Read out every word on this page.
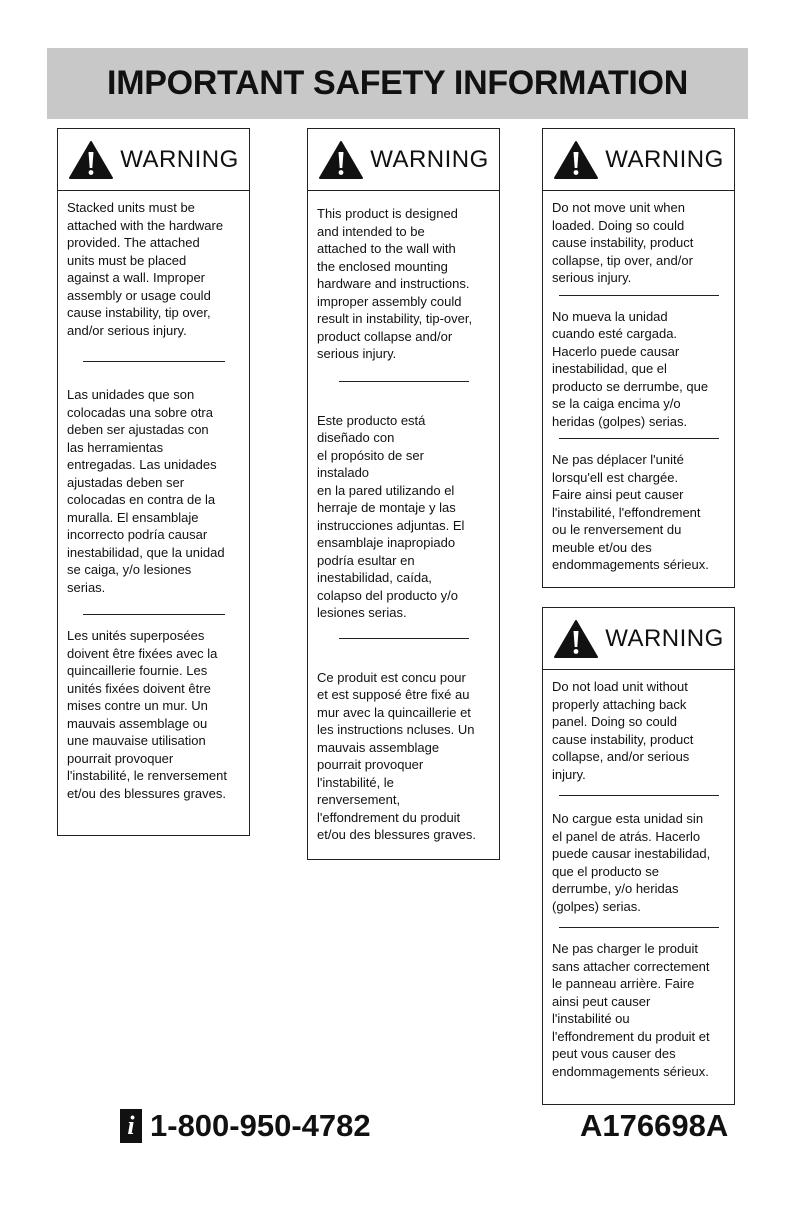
IMPORTANT SAFETY INFORMATION
WARNING

Stacked units must be
attached with the hardware
provided. The attached
units must be placed
against a wall. Improper
assembly or usage could
cause instability, tip over,
and/or serious injury.

Las unidades que son
colocadas una sobre otra
deben ser ajustadas con
las herramientas
entregadas. Las unidades
ajustadas deben ser
colocadas en contra de la
muralla. El ensamblaje
incorrecto podría causar
inestabilidad, que la unidad
se caiga, y/o lesiones
serias.

Les unités superposées
doivent être fixées avec la
quincaillerie fournie. Les
unités fixées doivent être
mises contre un mur. Un
mauvais assemblage ou
une mauvaise utilisation
pourrait provoquer
l'instabilité, le renversement
et/ou des blessures graves.

WARNING

This product is designed
and intended to be
attached to the wall with
the enclosed mounting
hardware and instructions.
improper assembly could
result in instability, tip-over,
product collapse and/or
serious injury.

Este producto está
diseñado con
el propósito de ser
instalado
en la pared utilizando el
herraje de montaje y las
instrucciones adjuntas. El
ensamblaje inapropiado
podría esultar en
inestabilidad, caída,
colapso del producto y/o
lesiones serias.

Ce produit est concu pour
et est supposé être fixé au
mur avec la quincaillerie et
les instructions ncluses. Un
mauvais assemblage
pourrait provoquer
l'instabilité, le
renversement,
l'effondrement du produit
et/ou des blessures graves.

WARNING

Do not move unit when
loaded. Doing so could
cause instability, product
collapse, tip over, and/or
serious injury.

No mueva la unidad
cuando esté cargada.
Hacerlo puede causar
inestabilidad, que el
producto se derrumbe, que
se la caiga encima y/o
heridas (golpes) serias.

Ne pas déplacer l'unité
lorsqu'ell est chargée.
Faire ainsi peut causer
l'instabilité, l'effondrement
ou le renversement du
meuble et/ou des
endommagements sérieux.

WARNING

Do not load unit without
properly attaching back
panel. Doing so could
cause instability, product
collapse, and/or serious
injury.

No cargue esta unidad sin
el panel de atrás. Hacerlo
puede causar inestabilidad,
que el producto se
derrumbe, y/o heridas
(golpes) serias.

Ne pas charger le produit
sans attacher correctement
le panneau arrière. Faire
ainsi peut causer
l'instabilité ou
l'effondrement du produit et
peut vous causer des
endommagements sérieux.

i 1-800-950-4782	A176698A
